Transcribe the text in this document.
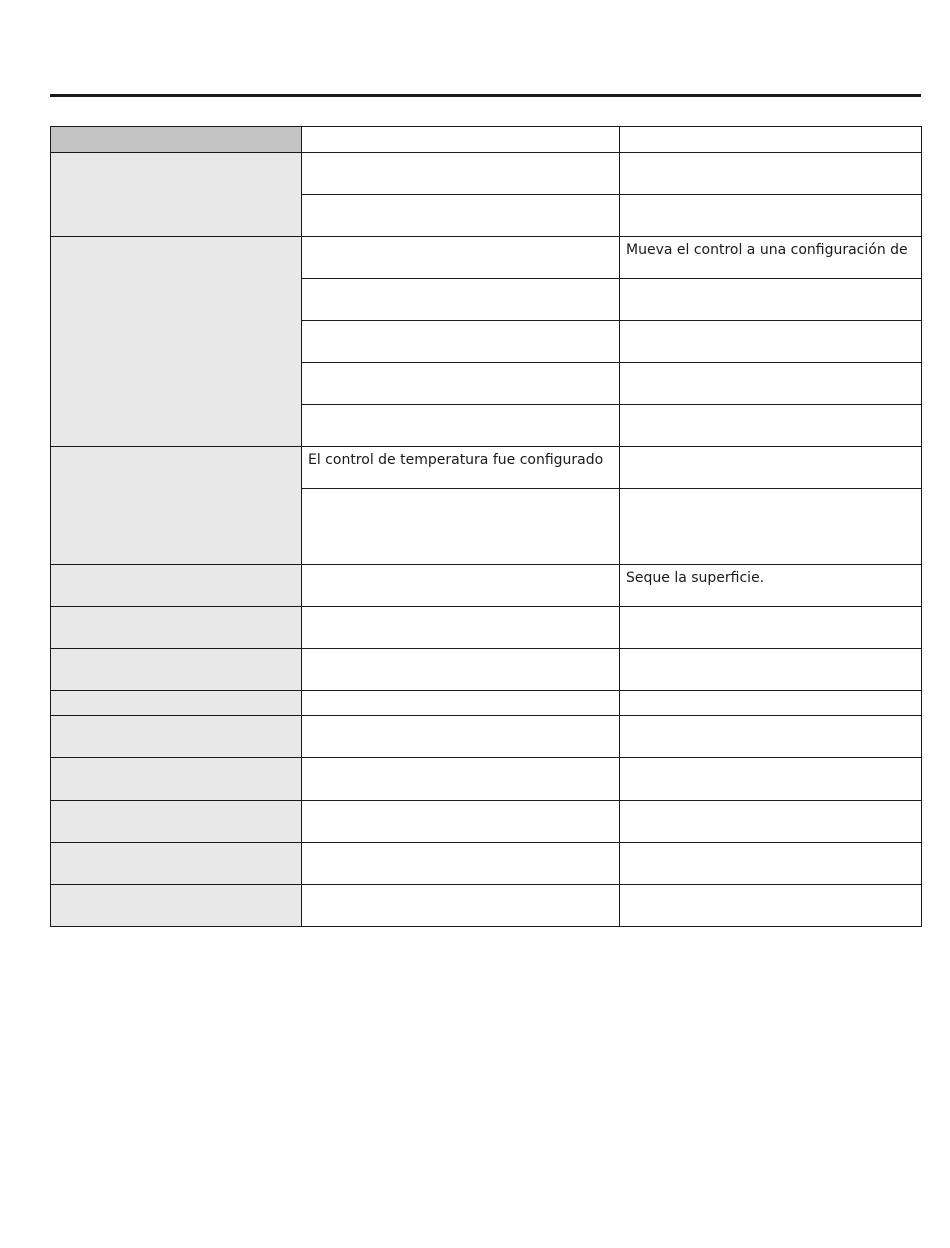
		Mueva el control a una configuración de

	El control de temperatura fue configurado	

		Seque la superficie.
